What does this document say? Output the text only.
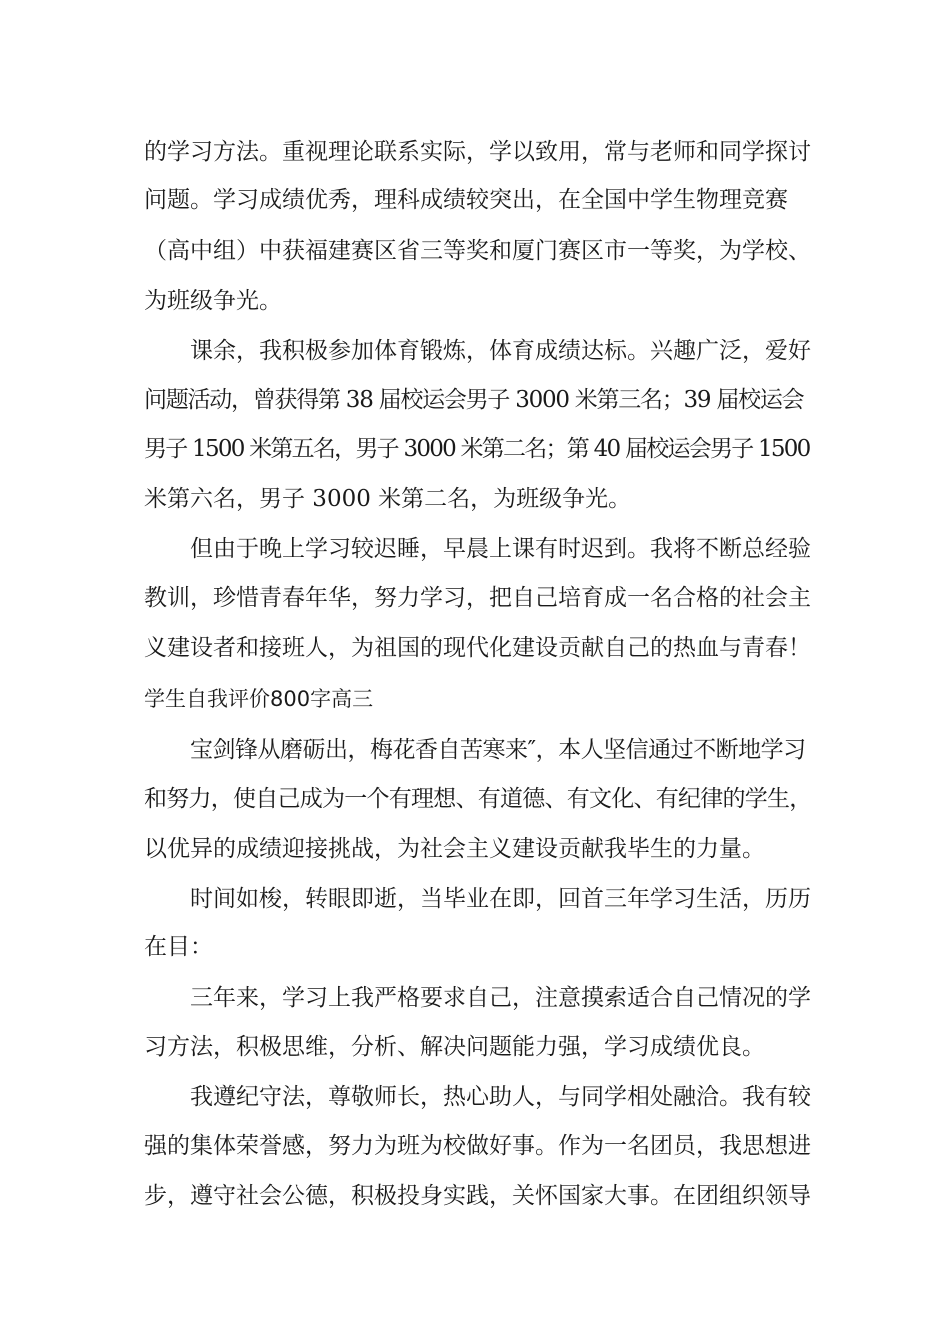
的学习方法。重视理论联系实际，学以致用，常与老师和同学探讨
问题。学习成绩优秀，理科成绩较突出，在全国中学生物理竞赛
（高中组）中获福建赛区省三等奖和厦门赛区市一等奖，为学校、
为班级争光。
课余，我积极参加体育锻炼，体育成绩达标。兴趣广泛，爱好
问题活动，曾获得第 38 届校运会男子 3000 米第三名；39 届校运会
男子 1500 米第五名，男子 3000 米第二名；第 40 届校运会男子 1500
米第六名，男子 3000 米第二名，为班级争光。
但由于晚上学习较迟睡，早晨上课有时迟到。我将不断总经验
教训，珍惜青春年华，努力学习，把自己培育成一名合格的社会主
义建设者和接班人，为祖国的现代化建设贡献自己的热血与青春！
学生自我评价800字高三
宝剑锋从磨砺出，梅花香自苦寒来″，本人坚信通过不断地学习
和努力，使自己成为一个有理想、有道德、有文化、有纪律的学生，
以优异的成绩迎接挑战，为社会主义建设贡献我毕生的力量。
时间如梭，转眼即逝，当毕业在即，回首三年学习生活，历历
在目：
三年来，学习上我严格要求自己，注意摸索适合自己情况的学
习方法，积极思维，分析、解决问题能力强，学习成绩优良。
我遵纪守法，尊敬师长，热心助人，与同学相处融洽。我有较
强的集体荣誉感，努力为班为校做好事。作为一名团员，我思想进
步，遵守社会公德，积极投身实践，关怀国家大事。在团组织领导
